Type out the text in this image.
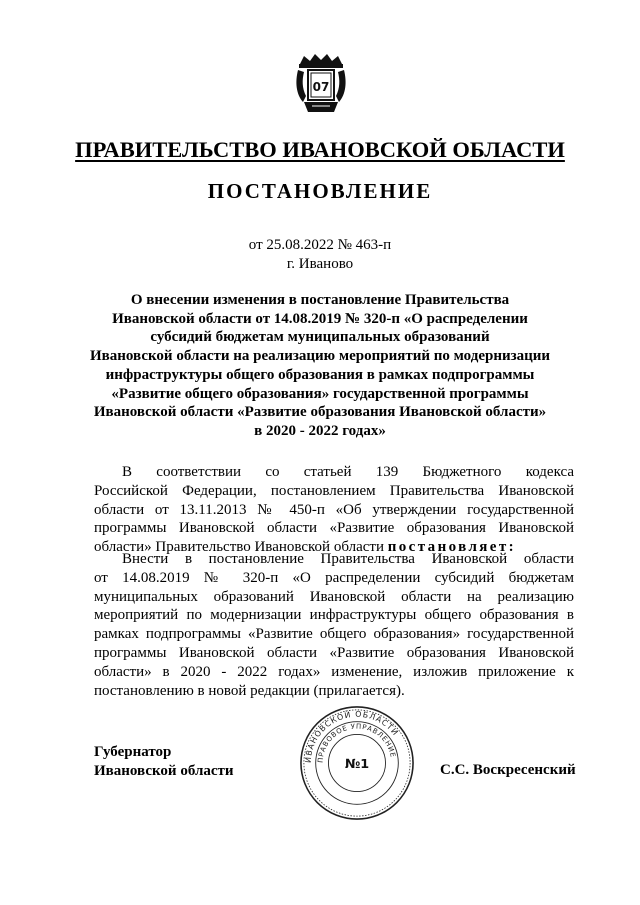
07
ПРАВИТЕЛЬСТВО ИВАНОВСКОЙ ОБЛАСТИ
ПОСТАНОВЛЕНИЕ
от 25.08.2022 № 463-п
г. Иваново
О внесении изменения в постановление Правительства
Ивановской области от 14.08.2019 № 320-п «О распределении
субсидий бюджетам муниципальных образований
Ивановской области на реализацию мероприятий по модернизации
инфраструктуры общего образования в рамках подпрограммы
«Развитие общего образования» государственной программы
Ивановской области «Развитие образования Ивановской области»
в 2020 - 2022 годах»
В соответствии со статьей 139 Бюджетного кодекса
Российской Федерации, постановлением Правительства Ивановской
области от 13.11.2013 № 450-п «Об утверждении государственной
программы Ивановской области «Развитие образования Ивановской
области» Правительство Ивановской области постановляет:
Внести в постановление Правительства Ивановской области
от 14.08.2019 № 320-п «О распределении субсидий бюджетам
муниципальных образований Ивановской области на реализацию
мероприятий по модернизации инфраструктуры общего образования в
рамках подпрограммы «Развитие общего образования» государственной
программы Ивановской области «Развитие образования Ивановской
области» в 2020 - 2022 годах» изменение, изложив приложение к
постановлению в новой редакции (прилагается).
Губернатор
Ивановской области
ИВАНОВСКОЙ ОБЛАСТИ
ПРАВОВОЕ УПРАВЛЕНИЕ
№1	С.С. Воскресенский
